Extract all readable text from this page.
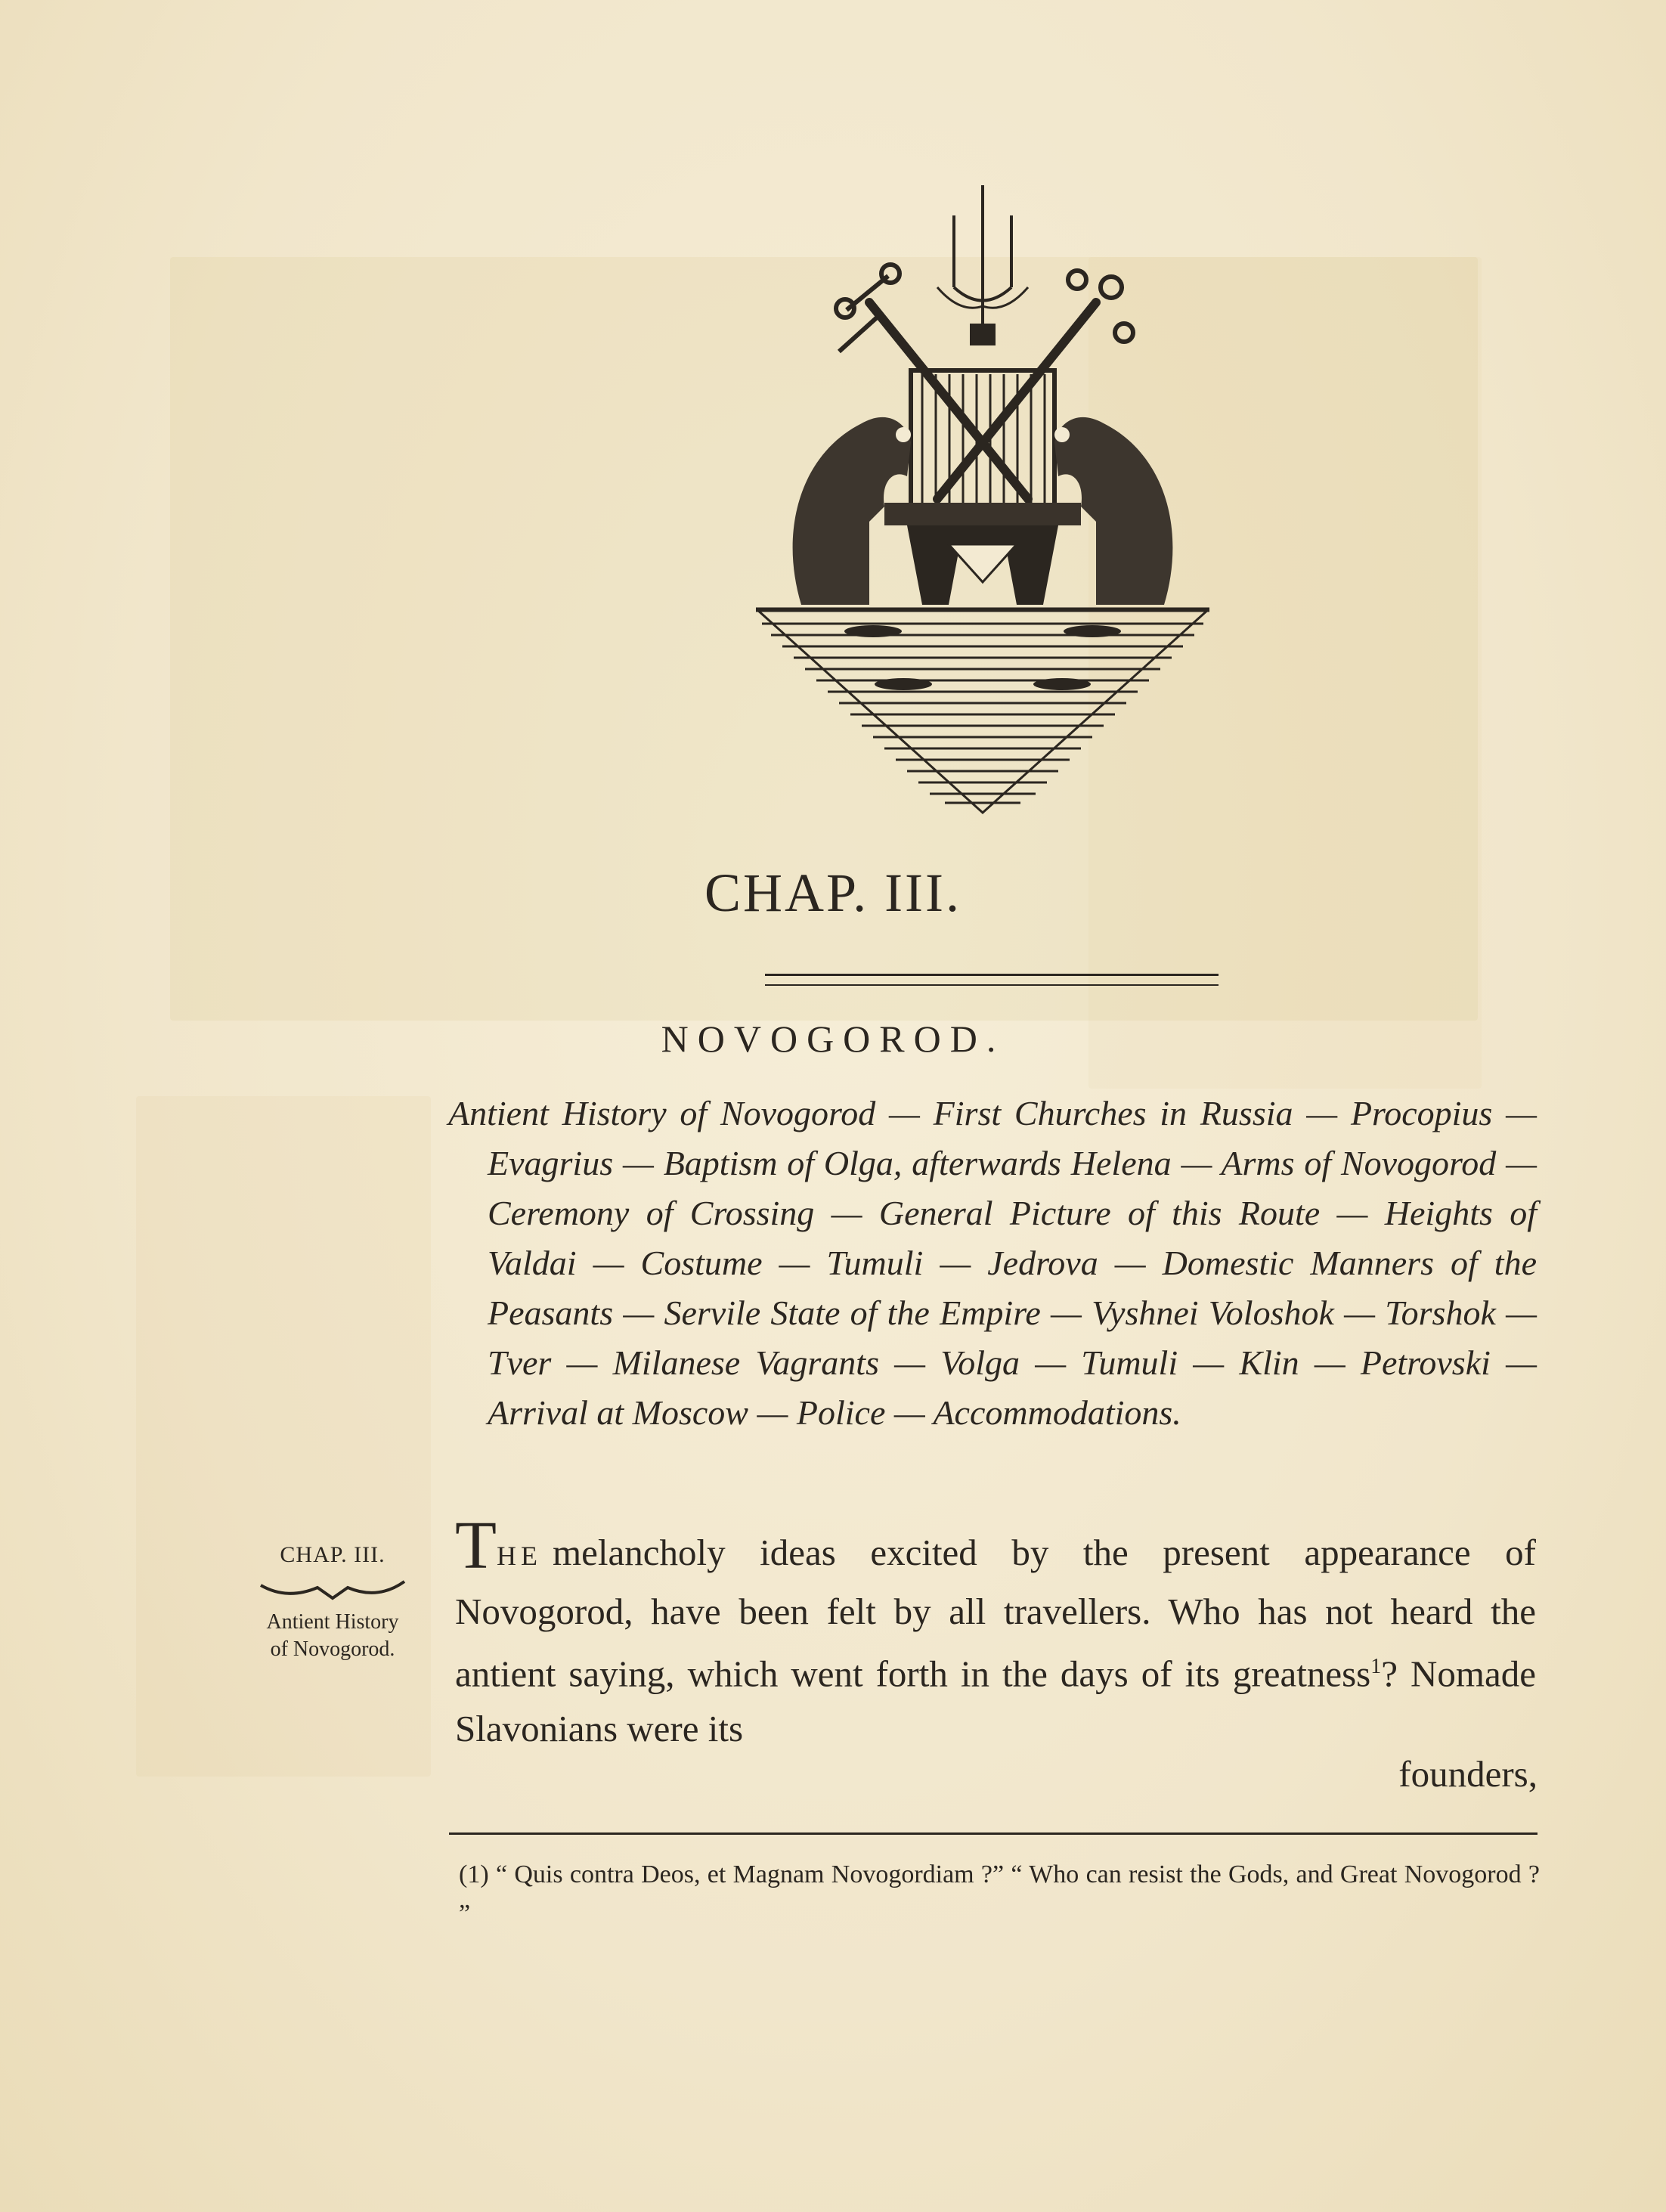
CHAP. III.
NOVOGOROD.

Antient History of Novogorod — First Churches in Russia — Procopius — Evagrius — Baptism of Olga, afterwards Helena — Arms of Novogorod — Ceremony of Crossing — General Picture of this Route — Heights of Valdai — Costume — Tumuli — Jedrova — Domestic Manners of the Peasants — Servile State of the Empire — Vyshnei Voloshok — Torshok — Tver — Milanese Vagrants — Volga — Tumuli — Klin — Petrovski — Arrival at Moscow — Police — Accommodations.

CHAP. III.
Antient History
of Novogorod.
THE melancholy ideas excited by the present appearance of Novogorod, have been felt by all travellers. Who has not heard the antient saying, which went forth in the days of its greatness$^1$? Nomade Slavonians were its
founders,
(1) “ Quis contra Deos, et Magnam Novogordiam ?” “ Who can resist the Gods, and Great Novogorod ? ”
